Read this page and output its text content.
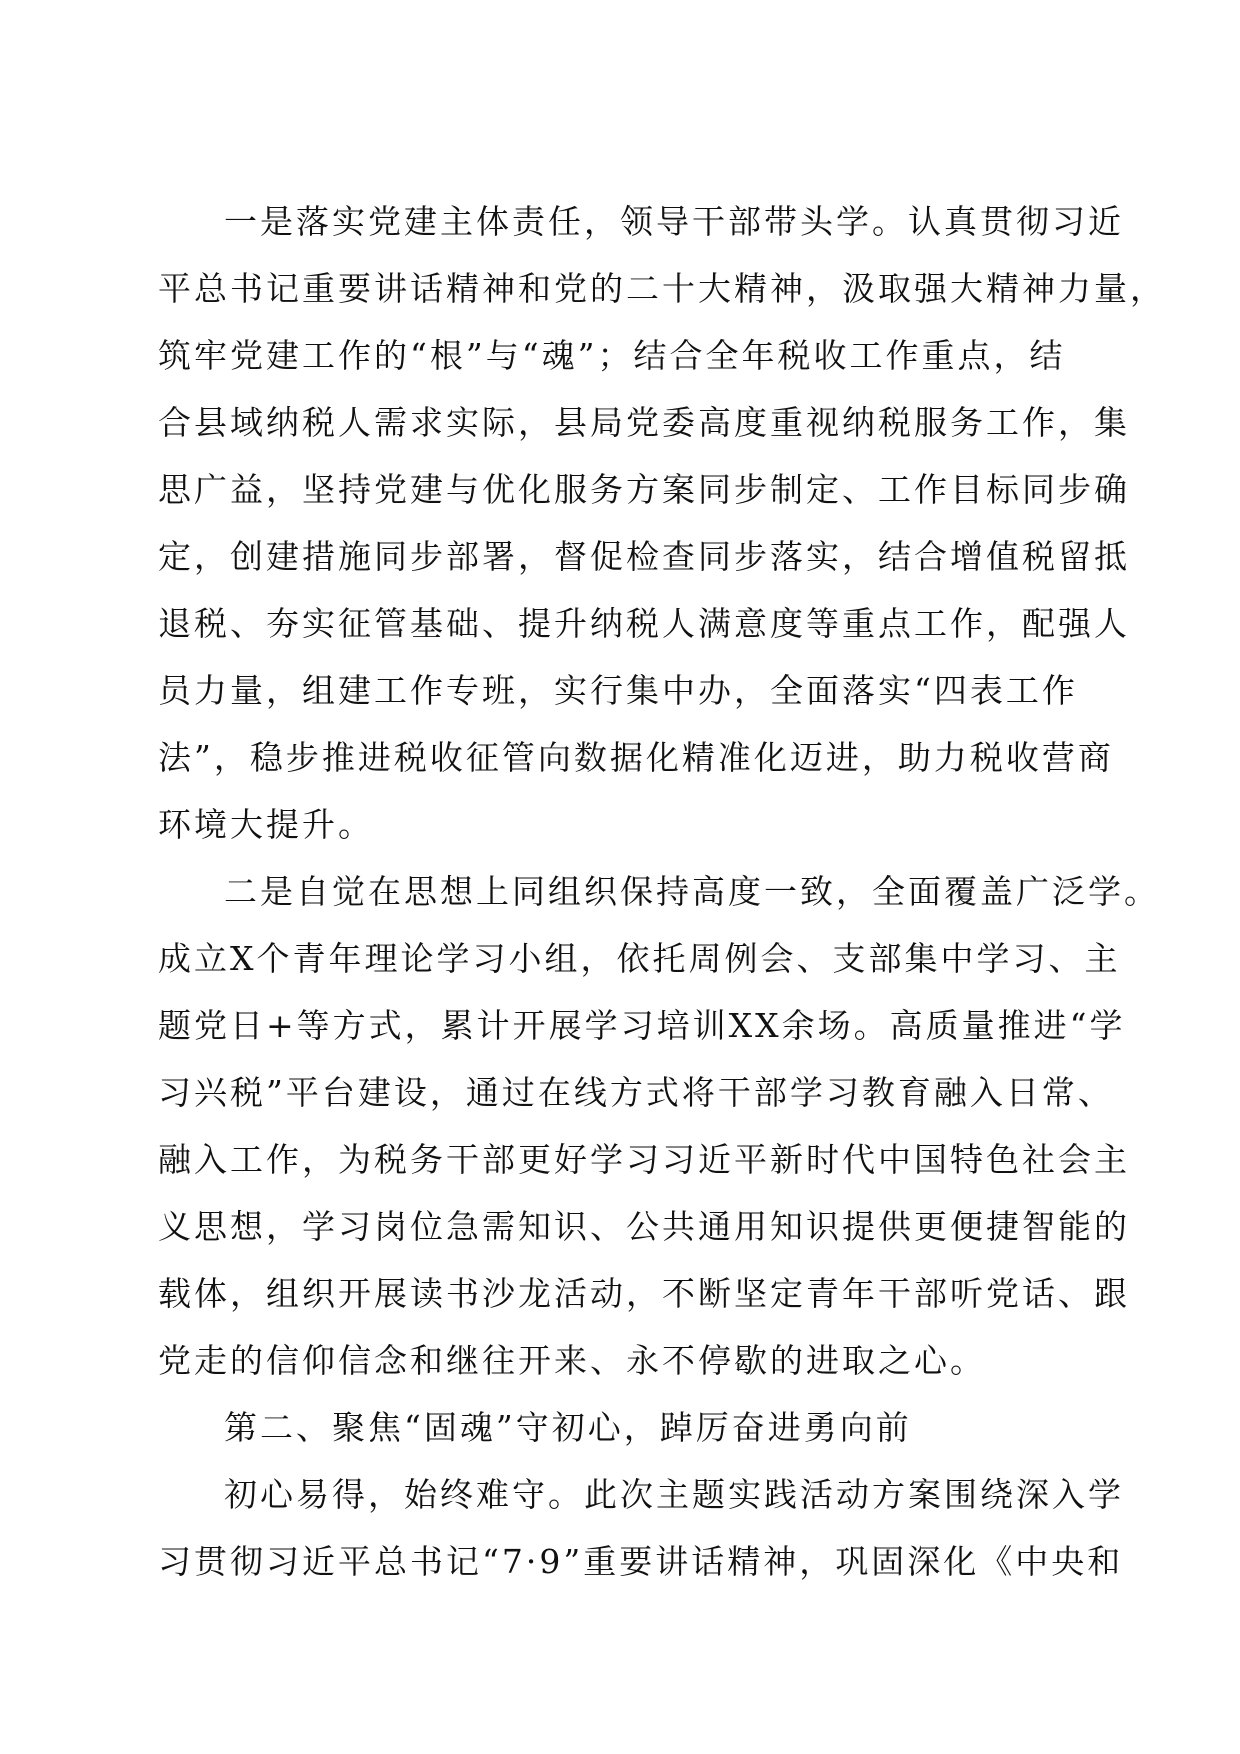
一是落实党建主体责任，领导干部带头学。认真贯彻习近
平总书记重要讲话精神和党的二十大精神，汲取强大精神力量，
筑牢党建工作的“根”与“魂”；结合全年税收工作重点，结
合县域纳税人需求实际，县局党委高度重视纳税服务工作，集
思广益，坚持党建与优化服务方案同步制定、工作目标同步确
定，创建措施同步部署，督促检查同步落实，结合增值税留抵
退税、夯实征管基础、提升纳税人满意度等重点工作，配强人
员力量，组建工作专班，实行集中办，全面落实“四表工作
法”，稳步推进税收征管向数据化精准化迈进，助力税收营商
环境大提升。
二是自觉在思想上同组织保持高度一致，全面覆盖广泛学。
成立X个青年理论学习小组，依托周例会、支部集中学习、主
题党日+等方式，累计开展学习培训XX余场。高质量推进“学
习兴税”平台建设，通过在线方式将干部学习教育融入日常、
融入工作，为税务干部更好学习习近平新时代中国特色社会主
义思想，学习岗位急需知识、公共通用知识提供更便捷智能的
载体，组织开展读书沙龙活动，不断坚定青年干部听党话、跟
党走的信仰信念和继往开来、永不停歇的进取之心。
第二、聚焦“固魂”守初心，踔厉奋进勇向前
初心易得，始终难守。此次主题实践活动方案围绕深入学
习贯彻习近平总书记“7·9”重要讲话精神，巩固深化《中央和
